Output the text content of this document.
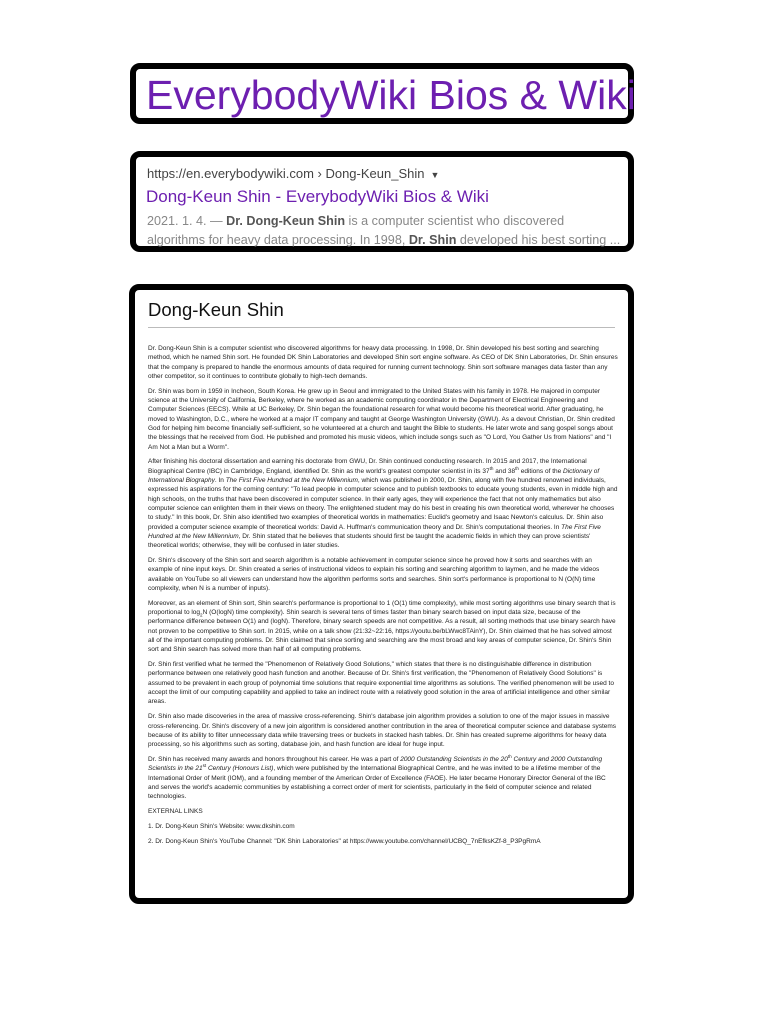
EverybodyWiki Bios & Wiki
https://en.everybodywiki.com › Dong-Keun_Shin ▼
Dong-Keun Shin - EverybodyWiki Bios & Wiki
2021. 1. 4. — Dr. Dong-Keun Shin is a computer scientist who discovered algorithms for heavy data processing. In 1998, Dr. Shin developed his best sorting ...
Dong-Keun Shin

Dr. Dong-Keun Shin is a computer scientist who discovered algorithms for heavy data processing. In 1998, Dr. Shin developed his best sorting and searching method, which he named Shin sort. He founded DK Shin Laboratories and developed Shin sort engine software. As CEO of DK Shin Laboratories, Dr. Shin ensures that the company is prepared to handle the enormous amounts of data required for running current technology. Shin sort software manages data faster than any other competitor, so it continues to contribute globally to high-tech demands.

Dr. Shin was born in 1959 in Incheon, South Korea. He grew up in Seoul and immigrated to the United States with his family in 1978. He majored in computer science at the University of California, Berkeley, where he worked as an academic computing coordinator in the Department of Electrical Engineering and Computer Sciences (EECS). While at UC Berkeley, Dr. Shin began the foundational research for what would become his theoretical world. After graduating, he moved to Washington, D.C., where he worked at a major IT company and taught at George Washington University (GWU). As a devout Christian, Dr. Shin credited God for helping him become financially self-sufficient, so he volunteered at a church and taught the Bible to students. He later wrote and sang gospel songs about the blessings that he received from God. He published and promoted his music videos, which include songs such as "O Lord, You Gather Us from Nations" and "I Am Not a Man but a Worm".

After finishing his doctoral dissertation and earning his doctorate from GWU, Dr. Shin continued conducting research. In 2015 and 2017, the International Biographical Centre (IBC) in Cambridge, England, identified Dr. Shin as the world's greatest computer scientist in its 37th and 38th editions of the Dictionary of International Biography. In The First Five Hundred at the New Millennium, which was published in 2000, Dr. Shin, along with five hundred renowned individuals, expressed his aspirations for the coming century: "To lead people in computer science and to publish textbooks to educate young students, even in middle high and high schools, on the truths that have been discovered in computer science. In their early ages, they will experience the fact that not only mathematics but also computer science can enlighten them in their views on theory. The enlightened student may do his best in creating his own theoretical world, wherever he chooses to study." In this book, Dr. Shin also identified two examples of theoretical worlds in mathematics: Euclid's geometry and Isaac Newton's calculus. Dr. Shin also provided a computer science example of theoretical worlds: David A. Huffman's communication theory and Dr. Shin's computational theories. In The First Five Hundred at the New Millennium, Dr. Shin stated that he believes that students should first be taught the academic fields in which they can prove scientists' theoretical worlds; otherwise, they will be confused in later studies.

Dr. Shin's discovery of the Shin sort and search algorithm is a notable achievement in computer science since he proved how it sorts and searches with an example of nine input keys. Dr. Shin created a series of instructional videos to explain his sorting and searching algorithm to laymen, and he made the videos available on YouTube so all viewers can understand how the algorithm performs sorts and searches. Shin sort's performance is proportional to N (O(N) time complexity, when N is a number of inputs).

Moreover, as an element of Shin sort, Shin search's performance is proportional to 1 (O(1) time complexity), while most sorting algorithms use binary search that is proportional to $\log_2N$ (O(logN) time complexity). Shin search is several tens of times faster than binary search based on input data size, because of the performance difference between O(1) and (logN). Therefore, binary search speeds are not competitive. As a result, all sorting methods that use binary search have not proven to be competitive to Shin sort. In 2015, while on a talk show (21:32~22:16, https://youtu.be/bLWwc8TAinY), Dr. Shin claimed that he has solved almost all of the important computing problems. Dr. Shin claimed that since sorting and searching are the most broad and key areas of computer science, Dr. Shin's Shin sort and Shin search has solved more than half of all computing problems.

Dr. Shin first verified what he termed the "Phenomenon of Relatively Good Solutions," which states that there is no distinguishable difference in distribution performance between one relatively good hash function and another. Because of Dr. Shin's first verification, the "Phenomenon of Relatively Good Solutions" is assumed to be prevalent in each group of polynomial time solutions that require exponential time algorithms as solutions. The verified phenomenon will be used to accept the limit of our computing capability and applied to take an indirect route with a relatively good solution in the area of artificial intelligence and other similar areas.

Dr. Shin also made discoveries in the area of massive cross-referencing. Shin's database join algorithm provides a solution to one of the major issues in massive cross-referencing. Dr. Shin's discovery of a new join algorithm is considered another contribution in the area of theoretical computer science and database systems because of its ability to filter unnecessary data while traversing trees or buckets in stacked hash tables. Dr. Shin has created supreme algorithms for heavy data processing, so his algorithms such as sorting, database join, and hash function are ideal for huge input.

Dr. Shin has received many awards and honors throughout his career. He was a part of 2000 Outstanding Scientists in the 20th Century and 2000 Outstanding Scientists in the 21st Century (Honours List), which were published by the International Biographical Centre, and he was invited to be a lifetime member of the International Order of Merit (IOM), and a founding member of the American Order of Excellence (FAOE). He later became Honorary Director General of the IBC and serves the world's academic communities by establishing a correct order of merit for scientists, particularly in the field of computer science and related technologies.

EXTERNAL LINKS

1. Dr. Dong-Keun Shin's Website: www.dkshin.com

2. Dr. Dong-Keun Shin's YouTube Channel: "DK Shin Laboratories" at https://www.youtube.com/channel/UCBQ_7nEfksKZf-8_P3PgRmA
